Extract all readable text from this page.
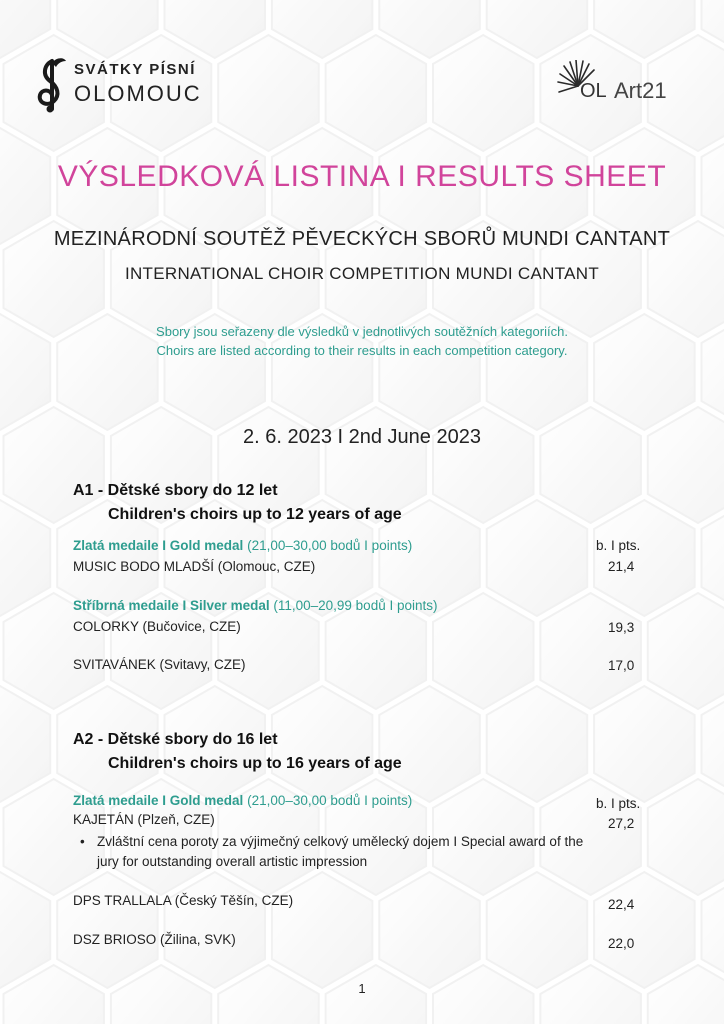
SVÁTKY PÍSNÍ
OLOMOUC	OL Art21
VÝSLEDKOVÁ LISTINA I RESULTS SHEET
MEZINÁRODNÍ SOUTĚŽ PĚVECKÝCH SBORŮ MUNDI CANTANT
INTERNATIONAL CHOIR COMPETITION MUNDI CANTANT
Sbory jsou seřazeny dle výsledků v jednotlivých soutěžních kategoriích.
Choirs are listed according to their results in each competition category.
2. 6. 2023 I 2nd June 2023
A1 - Dětské sbory do 12 let
Children's choirs up to 12 years of age
Zlatá medaile I Gold medal (21,00–30,00 bodů I points)	b. I pts.
MUSIC BODO MLADŠÍ (Olomouc, CZE)	21,4
Stříbrná medaile I Silver medal (11,00–20,99 bodů I points)
COLORKY (Bučovice, CZE)	19,3
SVITAVÁNEK (Svitavy, CZE)	17,0
A2 - Dětské sbory do 16 let
Children's choirs up to 16 years of age
Zlatá medaile I Gold medal (21,00–30,00 bodů I points)	b. I pts.
KAJETÁN (Plzeň, CZE)	27,2
• Zvláštní cena poroty za výjimečný celkový umělecký dojem I Special award of the jury for outstanding overall artistic impression
DPS TRALLALA (Český Těšín, CZE)	22,4
DSZ BRIOSO (Žilina, SVK)	22,0
1
